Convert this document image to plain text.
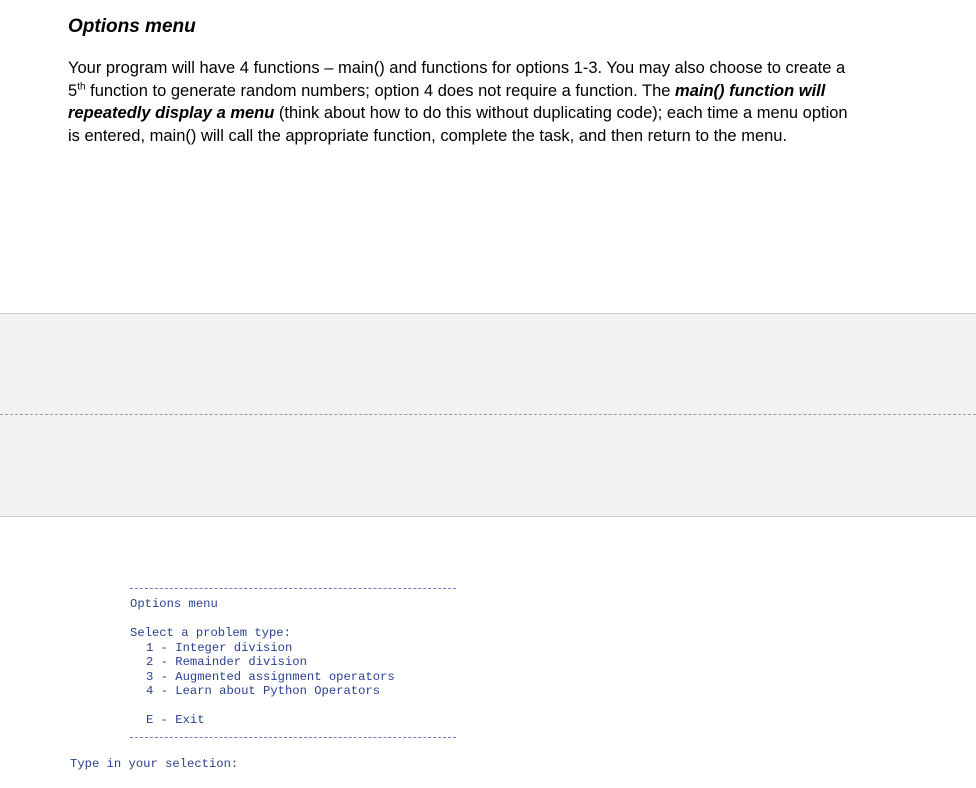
Options menu

Your program will have 4 functions – main() and functions for options 1-3. You may also choose to create a 5th function to generate random numbers; option 4 does not require a function. The main() function will repeatedly display a menu (think about how to do this without duplicating code); each time a menu option is entered, main() will call the appropriate function, complete the task, and then return to the menu.

Options menu
Select a problem type:
1 - Integer division
2 - Remainder division
3 - Augmented assignment operators
4 - Learn about Python Operators
E - Exit
Type in your selection:
